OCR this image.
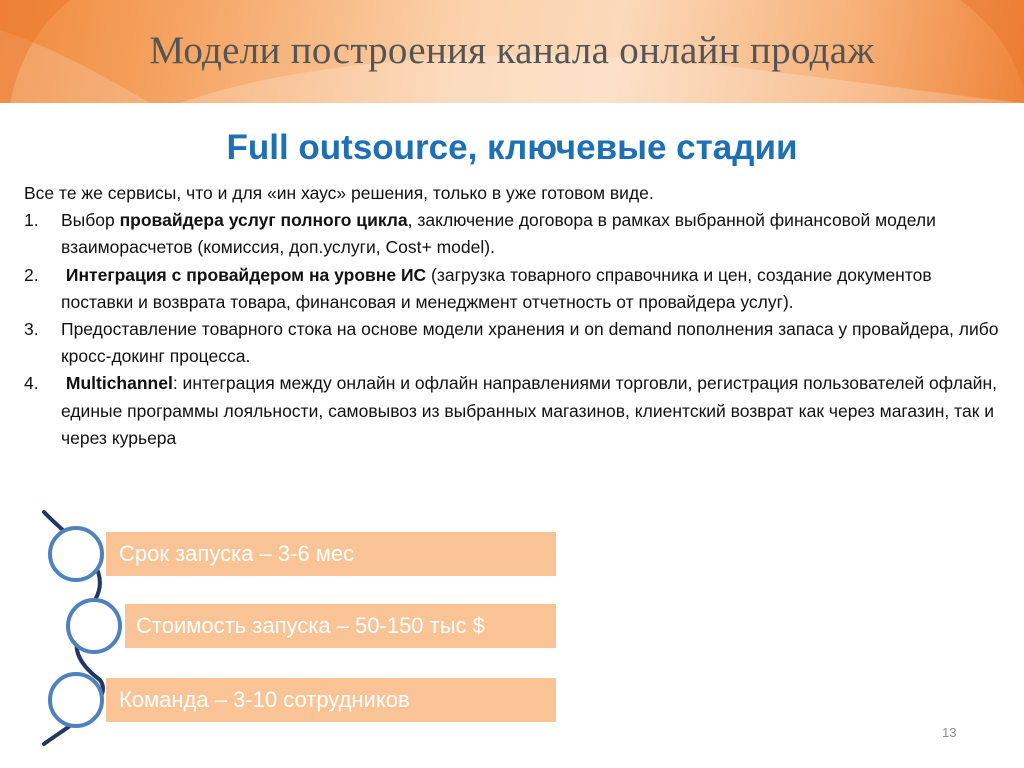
Модели построения канала онлайн продаж
Full outsource, ключевые стадии

Все те же сервисы, что и для «ин хаус» решения, только в уже готовом виде.

1. Выбор провайдера услуг полного цикла, заключение договора в рамках выбранной финансовой модели взаиморасчетов (комиссия, доп.услуги, Cost+ model).
2. Интеграция с провайдером на уровне ИС (загрузка товарного справочника и цен, создание документов поставки и возврата товара, финансовая и менеджмент отчетность от провайдера услуг).
3. Предоставление товарного стока на основе модели хранения и on demand пополнения запаса у провайдера, либо кросс-докинг процесса.
4. Multichannel: интеграция между онлайн и офлайн направлениями торговли, регистрация пользователей офлайн, единые программы лояльности, самовывоз из выбранных магазинов, клиентский возврат как через магазин, так и через курьера
Срок запуска – 3-6 мес
Стоимость запуска – 50-150 тыс $
Команда – 3-10 сотрудников
13
